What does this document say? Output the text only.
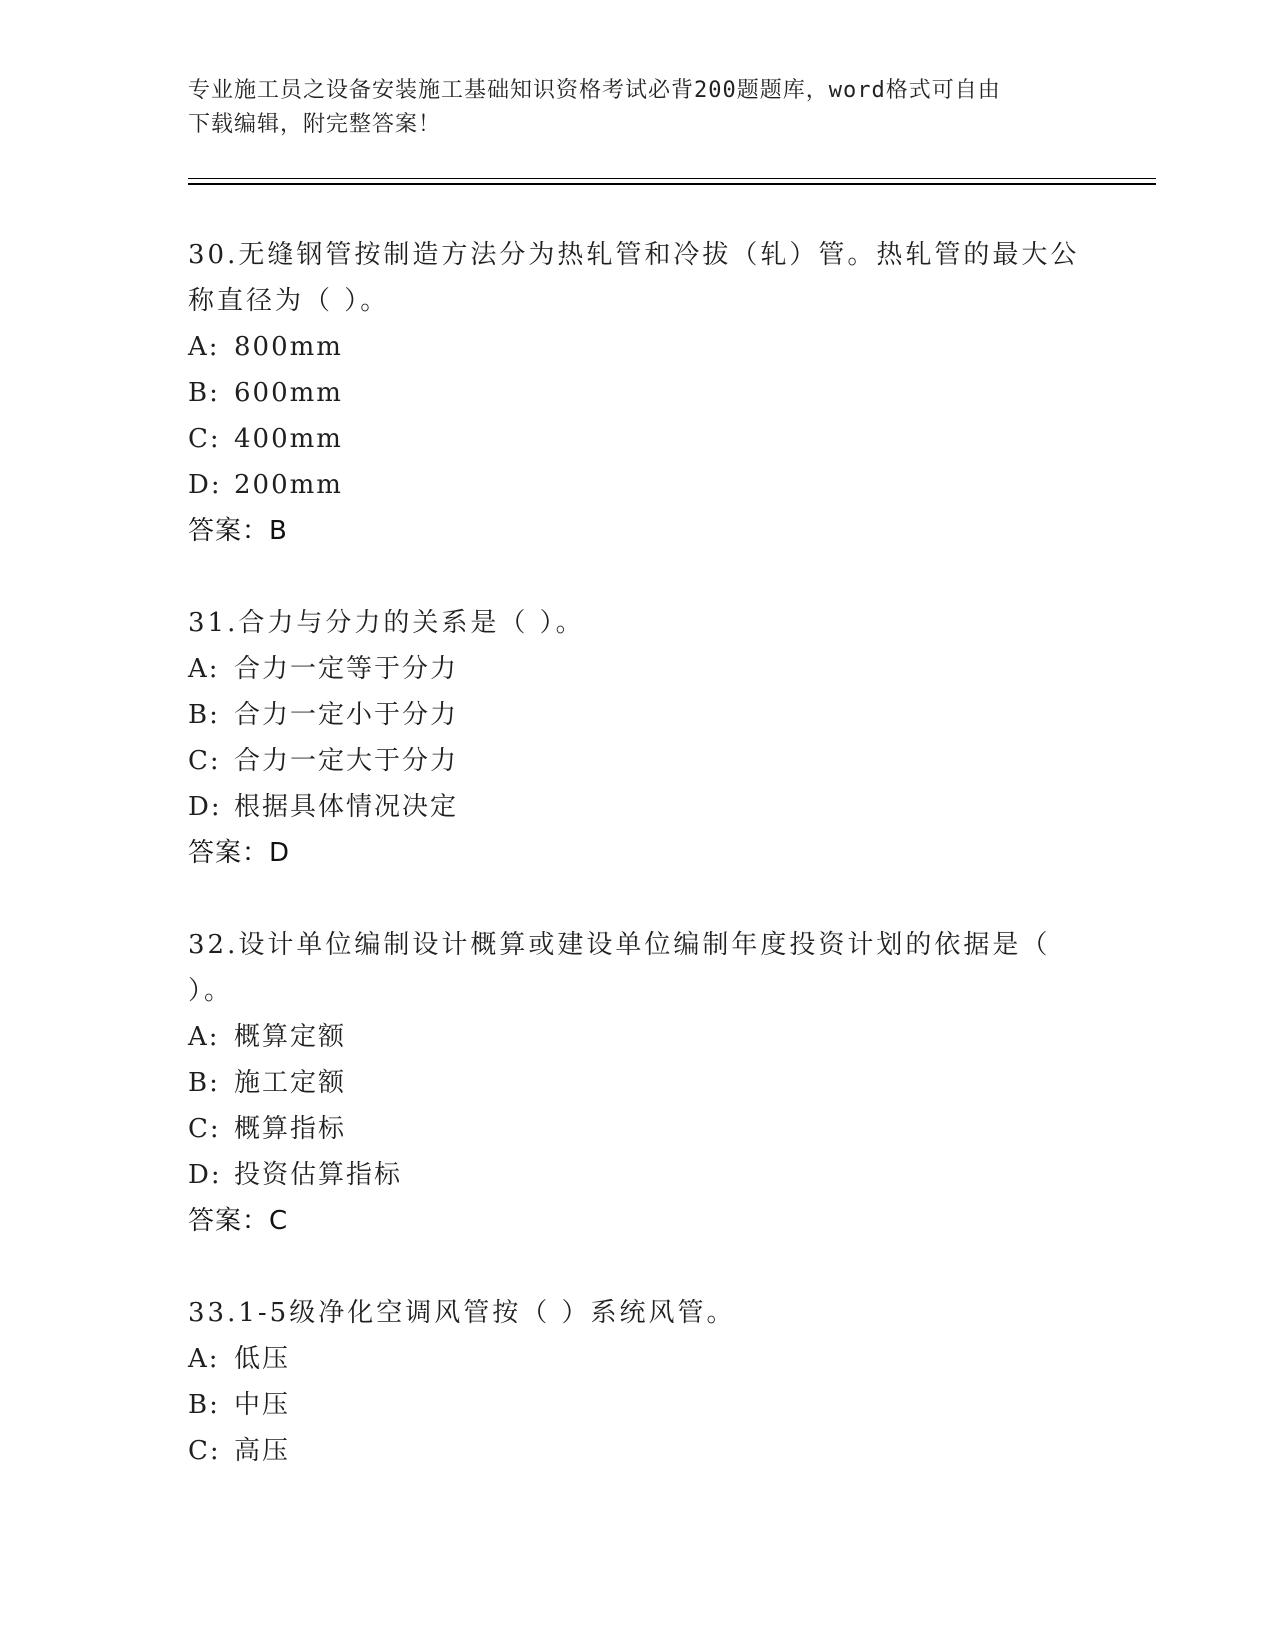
专业施工员之设备安装施工基础知识资格考试必背200题题库，word格式可自由
下载编辑，附完整答案！

30.无缝钢管按制造方法分为热轧管和冷拔（轧）管。热轧管的最大公

称直径为（ ）。

A: 800mm

B: 600mm

C: 400mm

D: 200mm

答案：B

31.合力与分力的关系是（ ）。

A: 合力一定等于分力

B: 合力一定小于分力

C: 合力一定大于分力

D: 根据具体情况决定

答案：D

32.设计单位编制设计概算或建设单位编制年度投资计划的依据是（

）。

A: 概算定额

B: 施工定额

C: 概算指标

D: 投资估算指标

答案：C

33.1-5级净化空调风管按（ ）系统风管。

A: 低压

B: 中压

C: 高压
